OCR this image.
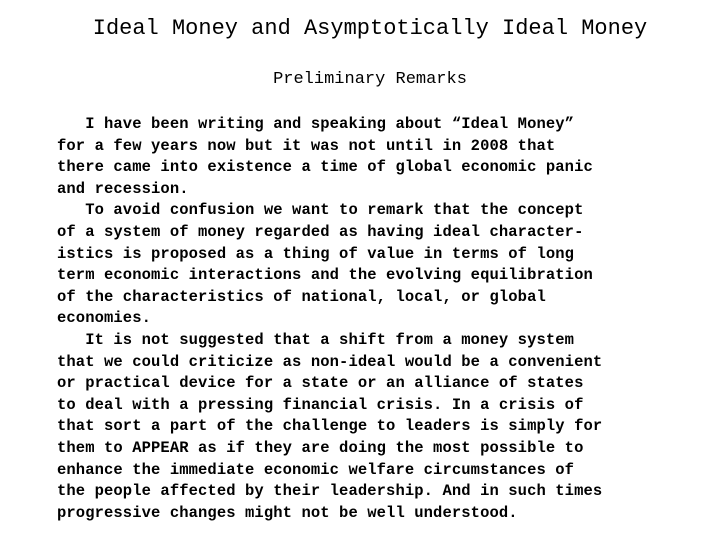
Ideal Money and Asymptotically Ideal Money
Preliminary Remarks
I have been writing and speaking about “Ideal Money”
for a few years now but it was not until in 2008 that
there came into existence a time of global economic panic
and recession.
To avoid confusion we want to remark that the concept
of a system of money regarded as having ideal character-
istics is proposed as a thing of value in terms of long
term economic interactions and the evolving equilibration
of the characteristics of national, local, or global
economies.
It is not suggested that a shift from a money system
that we could criticize as non-ideal would be a convenient
or practical device for a state or an alliance of states
to deal with a pressing financial crisis. In a crisis of
that sort a part of the challenge to leaders is simply for
them to APPEAR as if they are doing the most possible to
enhance the immediate economic welfare circumstances of
the people affected by their leadership. And in such times
progressive changes might not be well understood.
